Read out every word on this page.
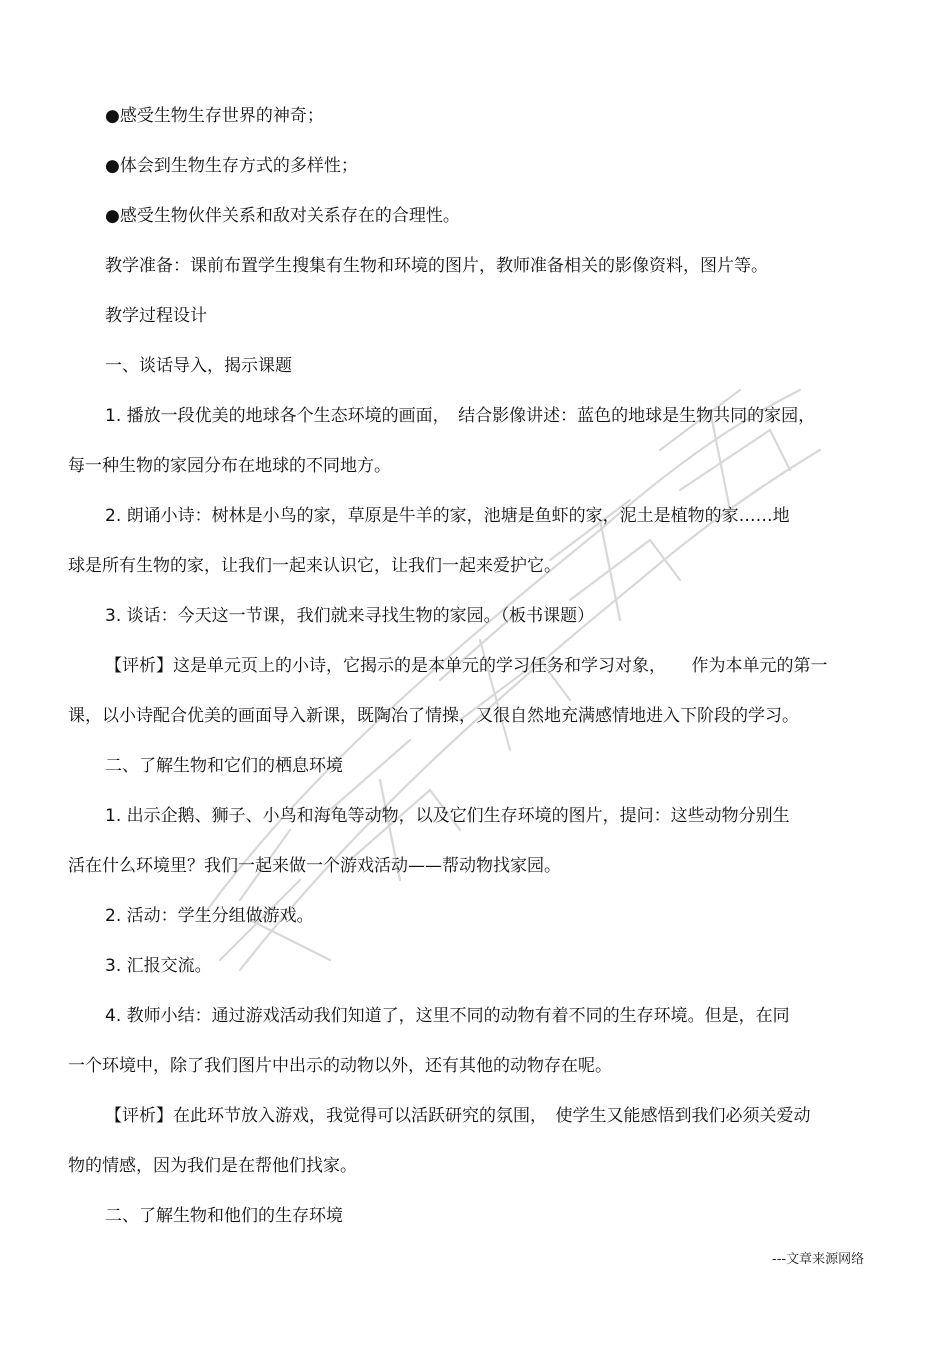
●感受生物生存世界的神奇；
●体会到生物生存方式的多样性；
●感受生物伙伴关系和敌对关系存在的合理性。
教学准备：课前布置学生搜集有生物和环境的图片，教师准备相关的影像资料，图片等。
教学过程设计
一、谈话导入，揭示课题
1. 播放一段优美的地球各个生态环境的画面，　结合影像讲述：蓝色的地球是生物共同的家园，
每一种生物的家园分布在地球的不同地方。
2. 朗诵小诗：树林是小鸟的家，草原是牛羊的家，池塘是鱼虾的家，泥土是植物的家……地
球是所有生物的家，让我们一起来认识它，让我们一起来爱护它。
3. 谈话：今天这一节课，我们就来寻找生物的家园。（板书课题）
【评析】这是单元页上的小诗，它揭示的是本单元的学习任务和学习对象，　　作为本单元的第一
课，以小诗配合优美的画面导入新课，既陶冶了情操，又很自然地充满感情地进入下阶段的学习。
二、了解生物和它们的栖息环境
1. 出示企鹅、狮子、小鸟和海龟等动物，以及它们生存环境的图片，提问：这些动物分别生
活在什么环境里？我们一起来做一个游戏活动——帮动物找家园。
2. 活动：学生分组做游戏。
3. 汇报交流。
4. 教师小结：通过游戏活动我们知道了，这里不同的动物有着不同的生存环境。但是，在同
一个环境中，除了我们图片中出示的动物以外，还有其他的动物存在呢。
【评析】在此环节放入游戏，我觉得可以活跃研究的氛围，　使学生又能感悟到我们必须关爱动
物的情感，因为我们是在帮他们找家。
二、了解生物和他们的生存环境
---文章来源网络
